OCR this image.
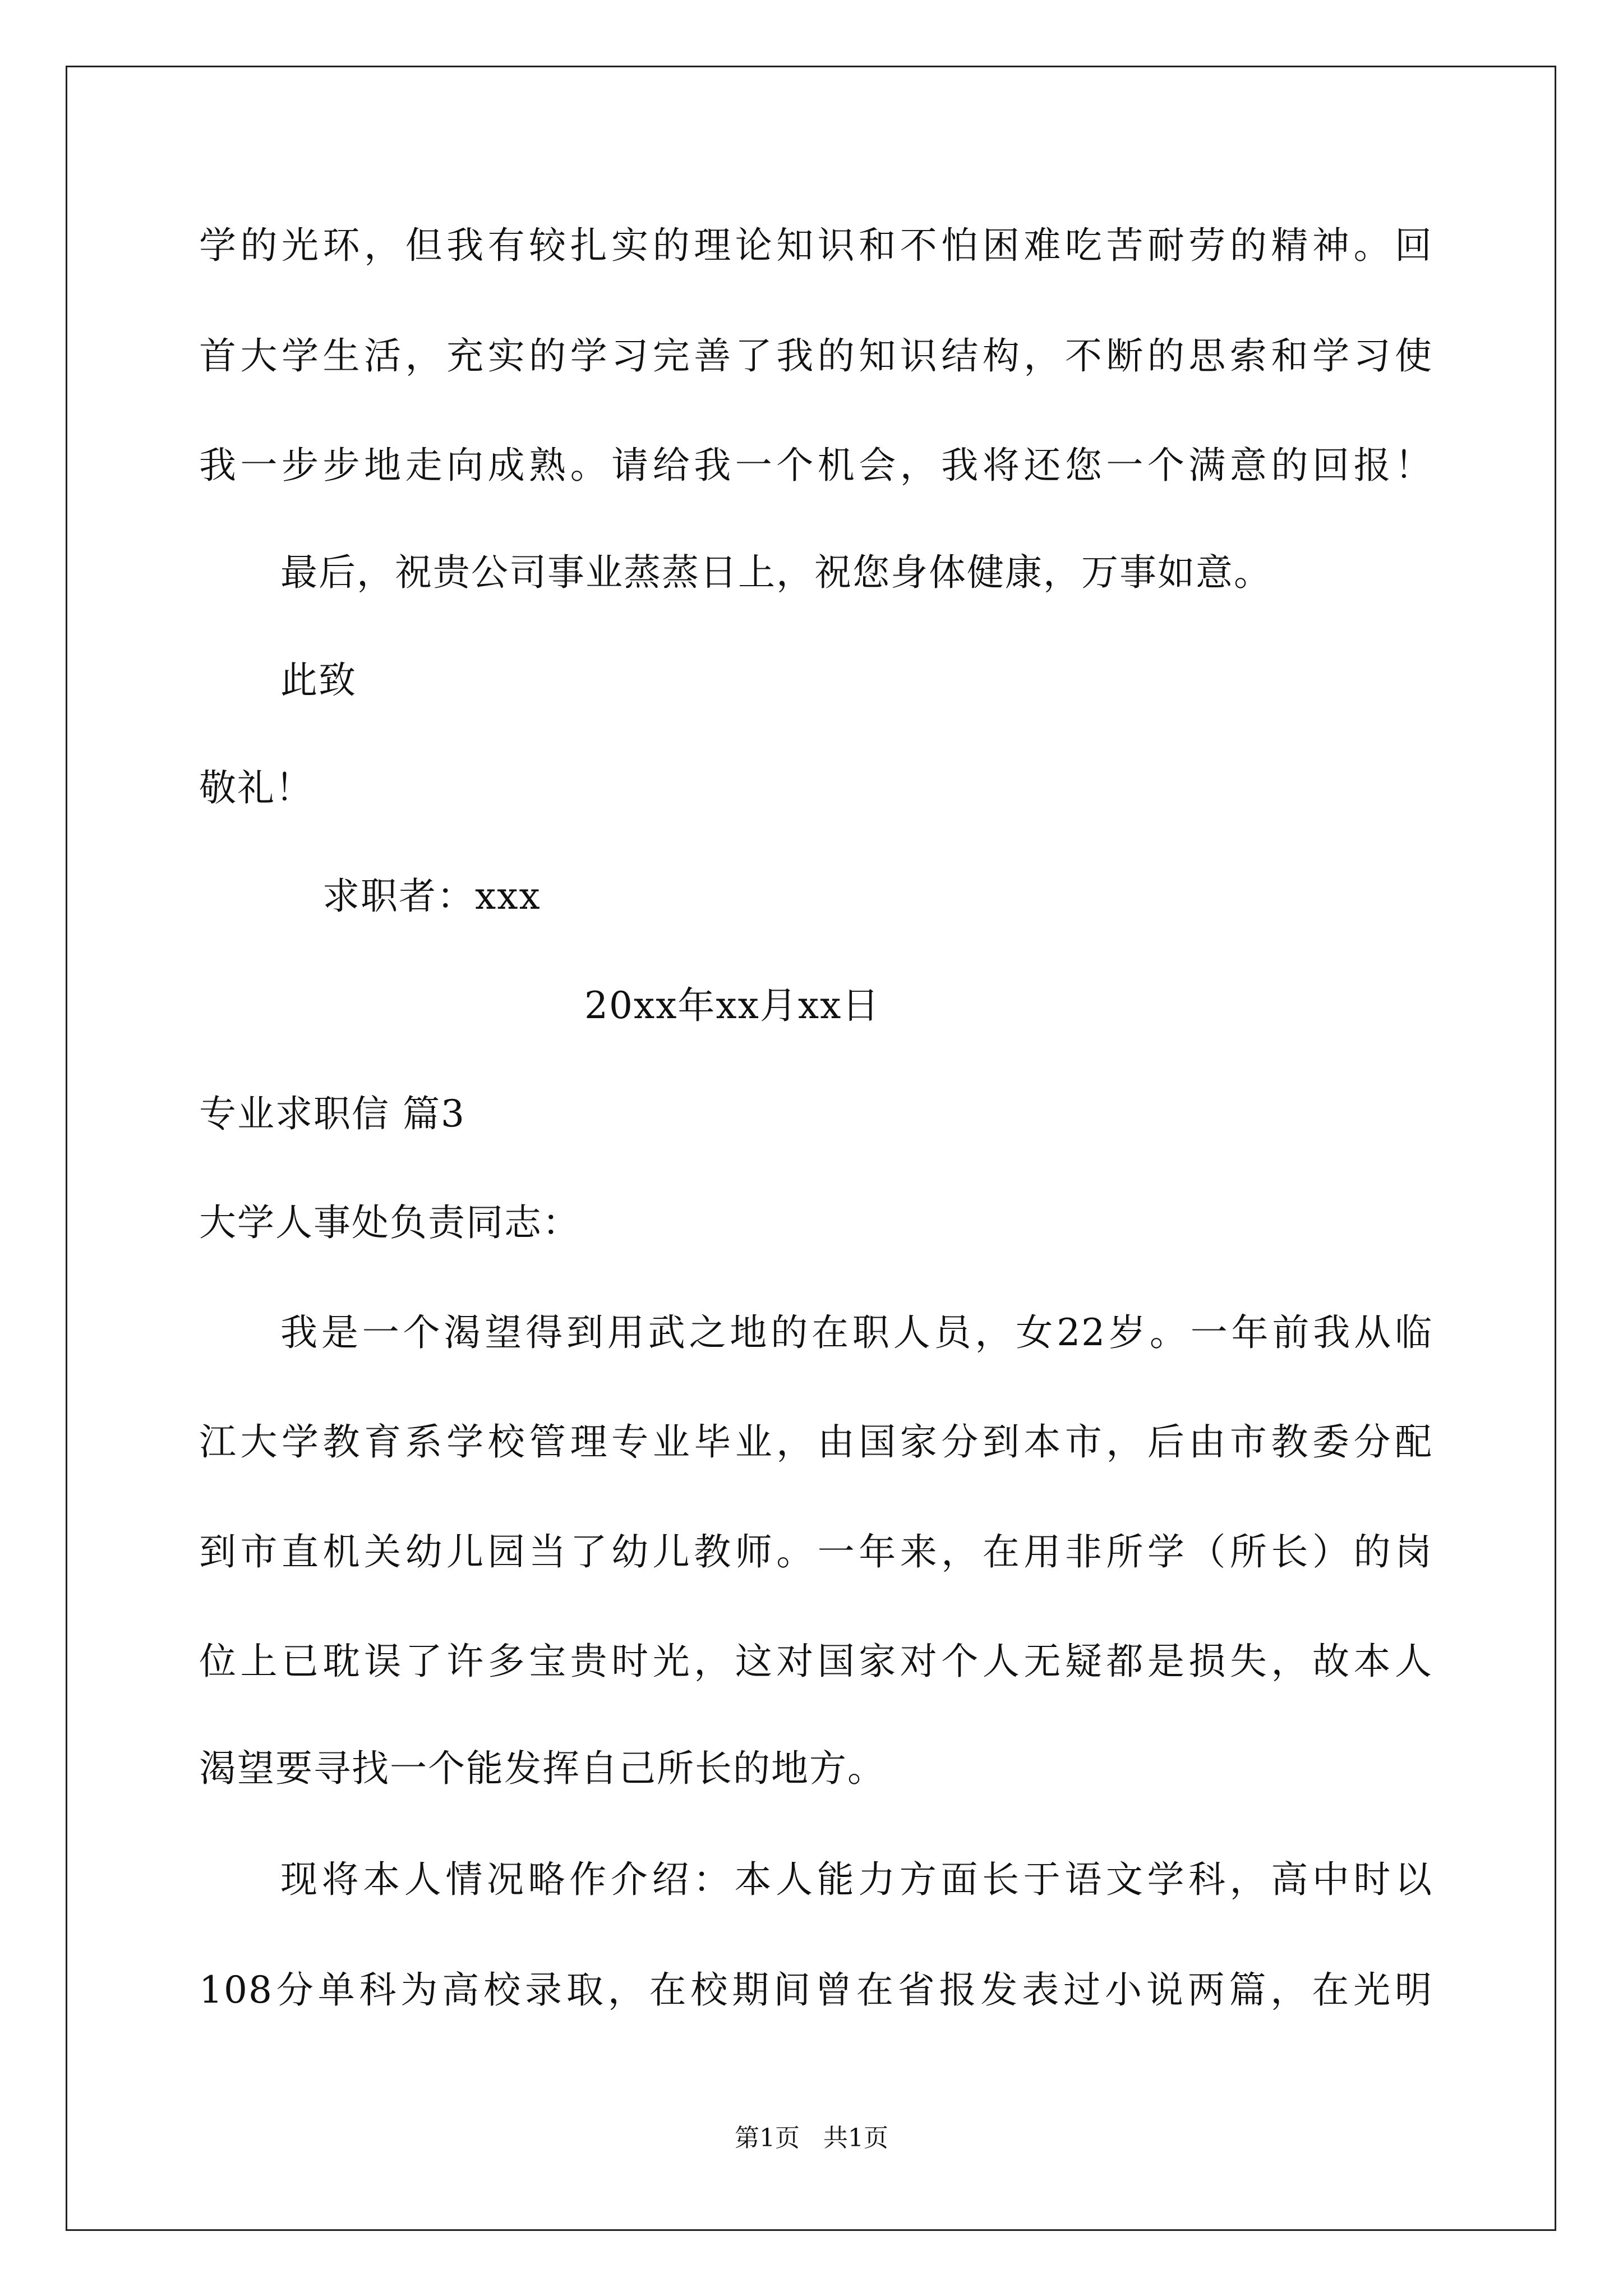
学的光环，但我有较扎实的理论知识和不怕困难吃苦耐劳的精神。回
首大学生活，充实的学习完善了我的知识结构，不断的思索和学习使
我一步步地走向成熟。请给我一个机会，我将还您一个满意的回报！
最后，祝贵公司事业蒸蒸日上，祝您身体健康，万事如意。
此致
敬礼！
求职者：xxx
20xx年xx月xx日
专业求职信 篇3
大学人事处负责同志：
我是一个渴望得到用武之地的在职人员，女22岁。一年前我从临
江大学教育系学校管理专业毕业，由国家分到本市，后由市教委分配
到市直机关幼儿园当了幼儿教师。一年来，在用非所学（所长）的岗
位上已耽误了许多宝贵时光，这对国家对个人无疑都是损失，故本人
渴望要寻找一个能发挥自己所长的地方。
现将本人情况略作介绍：本人能力方面长于语文学科，高中时以
108分单科为高校录取，在校期间曾在省报发表过小说两篇，在光明
第1页   共1页
